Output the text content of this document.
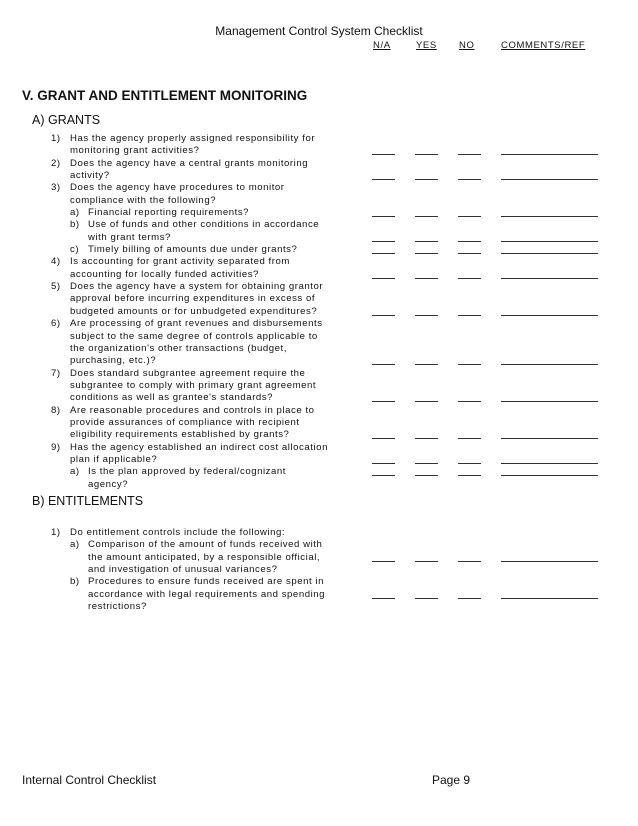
Management Control System Checklist
N/A	YES NO	COMMENTS/REF
V. GRANT AND ENTITLEMENT MONITORING
A) GRANTS
1) Has the agency properly assigned responsibility for
monitoring grant activities?
2) Does the agency have a central grants monitoring
activity?
3) Does the agency have procedures to monitor
compliance with the following?
a) Financial reporting requirements?
b) Use of funds and other conditions in accordance
with grant terms?
c) Timely billing of amounts due under grants?
4) Is accounting for grant activity separated from
accounting for locally funded activities?
5) Does the agency have a system for obtaining grantor
approval before incurring expenditures in excess of
budgeted amounts or for unbudgeted expenditures?
6) Are processing of grant revenues and disbursements
subject to the same degree of controls applicable to
the organization's other transactions (budget,
purchasing, etc.)?
7) Does standard subgrantee agreement require the
subgrantee to comply with primary grant agreement
conditions as well as grantee's standards?
8) Are reasonable procedures and controls in place to
provide assurances of compliance with recipient
eligibility requirements established by grants?
9) Has the agency established an indirect cost allocation
plan if applicable?
a) Is the plan approved by federal/cognizant
agency?
B) ENTITLEMENTS
1) Do entitlement controls include the following:
a) Comparison of the amount of funds received with
the amount anticipated, by a responsible official,
and investigation of unusual variances?
b) Procedures to ensure funds received are spent in
accordance with legal requirements and spending
restrictions?
Internal Control Checklist	Page 9
